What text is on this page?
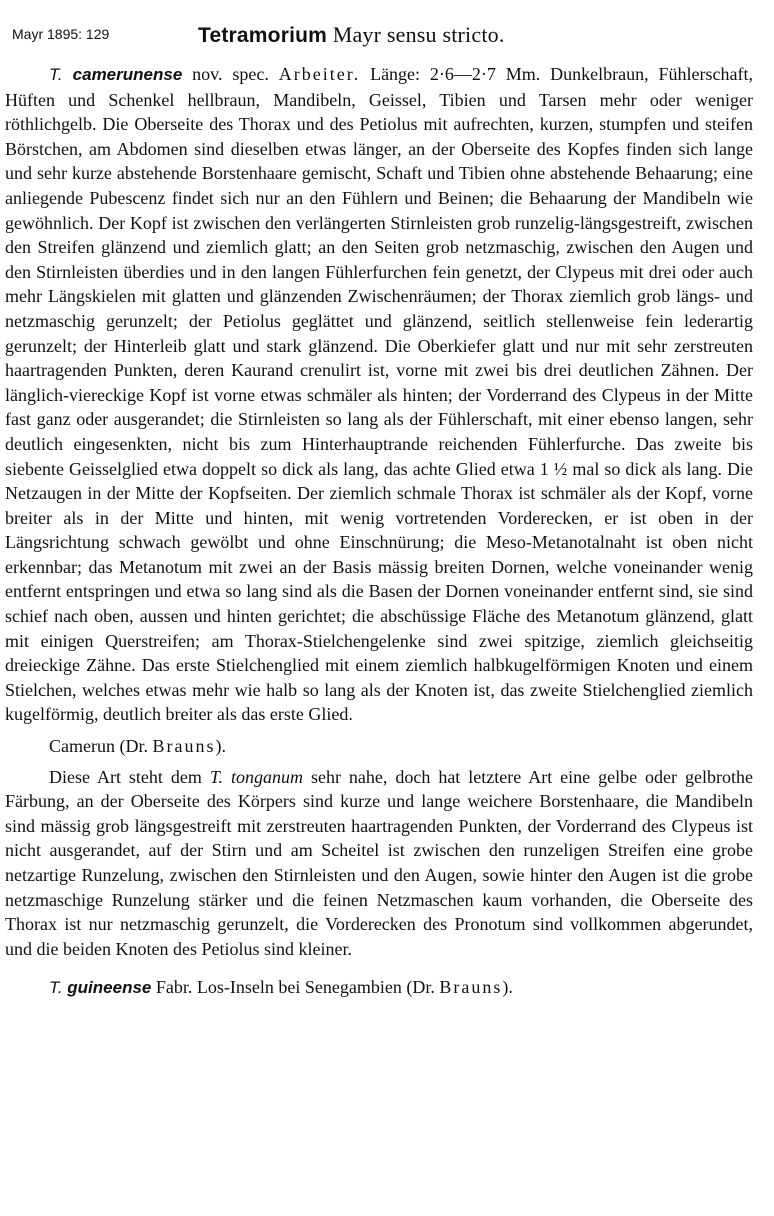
Mayr 1895: 129	Tetramorium Mayr sensu stricto.

T. camerunense nov. spec. Arbeiter. Länge: 2·6—2·7 Mm. Dunkelbraun, Fühlerschaft, Hüften und Schenkel hellbraun, Mandibeln, Geissel, Tibien und Tarsen mehr oder weniger röthlichgelb. Die Oberseite des Thorax und des Petiolus mit aufrechten, kurzen, stumpfen und steifen Börstchen, am Abdomen sind dieselben etwas länger, an der Oberseite des Kopfes finden sich lange und sehr kurze abstehende Borstenhaare gemischt, Schaft und Tibien ohne abstehende Behaarung; eine anliegende Pubescenz findet sich nur an den Fühlern und Beinen; die Behaarung der Mandibeln wie gewöhnlich. Der Kopf ist zwischen den verlängerten Stirnleisten grob runzelig-längsgestreift, zwischen den Streifen glänzend und ziemlich glatt; an den Seiten grob netzmaschig, zwischen den Augen und den Stirnleisten überdies und in den langen Fühlerfurchen fein genetzt, der Clypeus mit drei oder auch mehr Längskielen mit glatten und glänzenden Zwischenräumen; der Thorax ziemlich grob längs- und netzmaschig gerunzelt; der Petiolus geglättet und glänzend, seitlich stellenweise fein lederartig gerunzelt; der Hinterleib glatt und stark glänzend. Die Oberkiefer glatt und nur mit sehr zerstreuten haartragenden Punkten, deren Kaurand crenulirt ist, vorne mit zwei bis drei deutlichen Zähnen. Der länglich-viereckige Kopf ist vorne etwas schmäler als hinten; der Vorderrand des Clypeus in der Mitte fast ganz oder ausgerandet; die Stirnleisten so lang als der Fühlerschaft, mit einer ebenso langen, sehr deutlich eingesenkten, nicht bis zum Hinterhauptrande reichenden Fühlerfurche. Das zweite bis siebente Geisselglied etwa doppelt so dick als lang, das achte Glied etwa 1 ½ mal so dick als lang. Die Netzaugen in der Mitte der Kopfseiten. Der ziemlich schmale Thorax ist schmäler als der Kopf, vorne breiter als in der Mitte und hinten, mit wenig vortretenden Vorderecken, er ist oben in der Längsrichtung schwach gewölbt und ohne Einschnürung; die Meso-Metanotalnaht ist oben nicht erkennbar; das Metanotum mit zwei an der Basis mässig breiten Dornen, welche voneinander wenig entfernt entspringen und etwa so lang sind als die Basen der Dornen voneinander entfernt sind, sie sind schief nach oben, aussen und hinten gerichtet; die abschüssige Fläche des Metanotum glänzend, glatt mit einigen Querstreifen; am Thorax-Stielchengelenke sind zwei spitzige, ziemlich gleichseitig dreieckige Zähne. Das erste Stielchenglied mit einem ziemlich halbkugelförmigen Knoten und einem Stielchen, welches etwas mehr wie halb so lang als der Knoten ist, das zweite Stielchenglied ziemlich kugelförmig, deutlich breiter als das erste Glied.

Camerun (Dr. Brauns).

Diese Art steht dem T. tonganum sehr nahe, doch hat letztere Art eine gelbe oder gelbrothe Färbung, an der Oberseite des Körpers sind kurze und lange weichere Borstenhaare, die Mandibeln sind mässig grob längsgestreift mit zerstreuten haartragenden Punkten, der Vorderrand des Clypeus ist nicht ausgerandet, auf der Stirn und am Scheitel ist zwischen den runzeligen Streifen eine grobe netzartige Runzelung, zwischen den Stirnleisten und den Augen, sowie hinter den Augen ist die grobe netzmaschige Runzelung stärker und die feinen Netzmaschen kaum vorhanden, die Oberseite des Thorax ist nur netzmaschig gerunzelt, die Vorderecken des Pronotum sind vollkommen abgerundet, und die beiden Knoten des Petiolus sind kleiner.

T. guineense Fabr. Los-Inseln bei Senegambien (Dr. Brauns).
